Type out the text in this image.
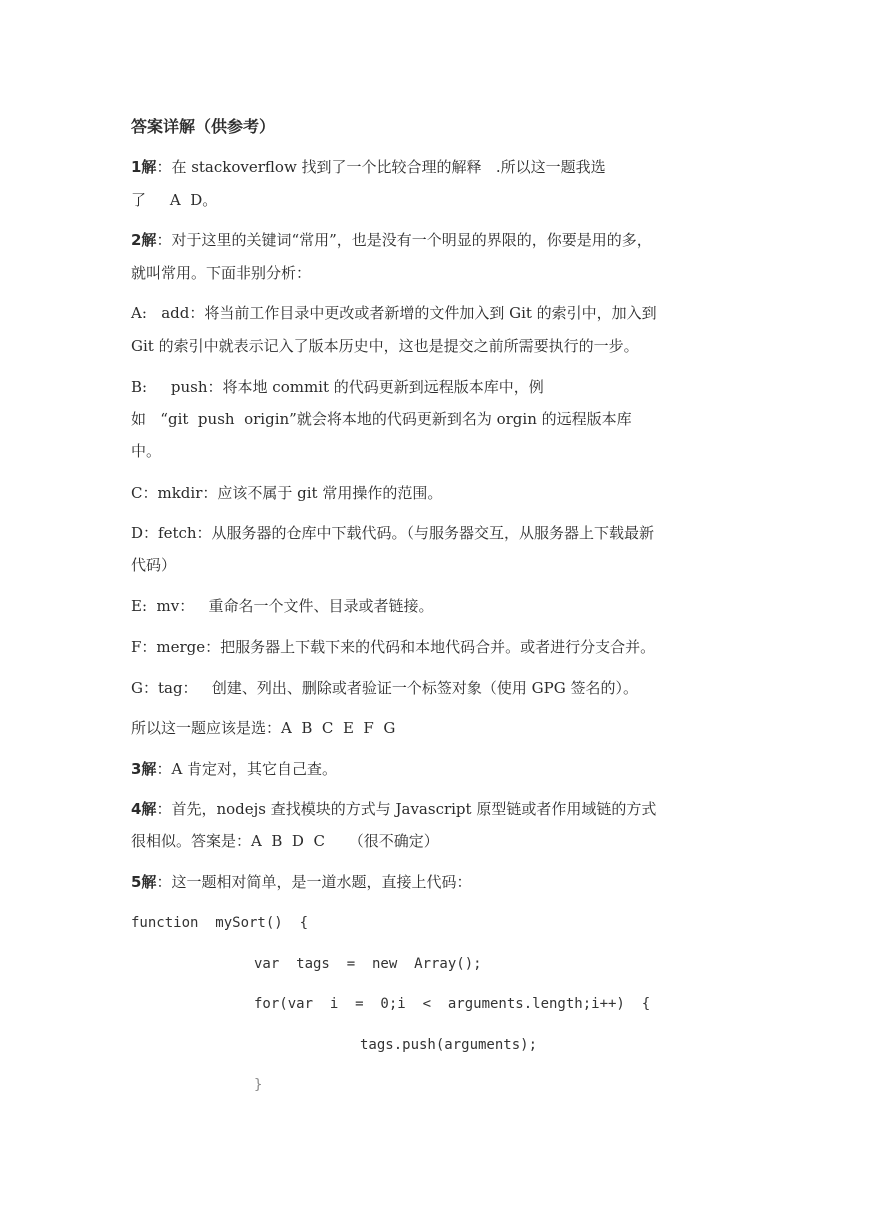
答案详解（供参考）
1解：在 stackoverflow 找到了一个比较合理的解释   .所以这一题我选
了     A  D。
2解：对于这里的关键词“常用”，也是没有一个明显的界限的，你要是用的多，
就叫常用。下面非别分析：
A:   add：将当前工作目录中更改或者新增的文件加入到 Git 的索引中，加入到
Git 的索引中就表示记入了版本历史中，这也是提交之前所需要执行的一步。
B:     push：将本地 commit 的代码更新到远程版本库中，例
如   “git  push  origin”就会将本地的代码更新到名为 orgin 的远程版本库
中。
C：mkdir：应该不属于 git 常用操作的范围。
D：fetch：从服务器的仓库中下载代码。（与服务器交互，从服务器上下载最新
代码）
E:  mv：   重命名一个文件、目录或者链接。
F：merge：把服务器上下载下来的代码和本地代码合并。或者进行分支合并。
G：tag：   创建、列出、删除或者验证一个标签对象（使用 GPG 签名的）。
所以这一题应该是选：A  B  C  E  F  G
3解：A 肯定对，其它自己查。
4解：首先，nodejs 查找模块的方式与 Javascript 原型链或者作用域链的方式
很相似。答案是：A  B  D  C     （很不确定）
5解：这一题相对简单，是一道水题，直接上代码：
function  mySort()  {
var  tags  =  new  Array();
for(var  i  =  0;i  <  arguments.length;i++)  {
tags.push(arguments);
}
